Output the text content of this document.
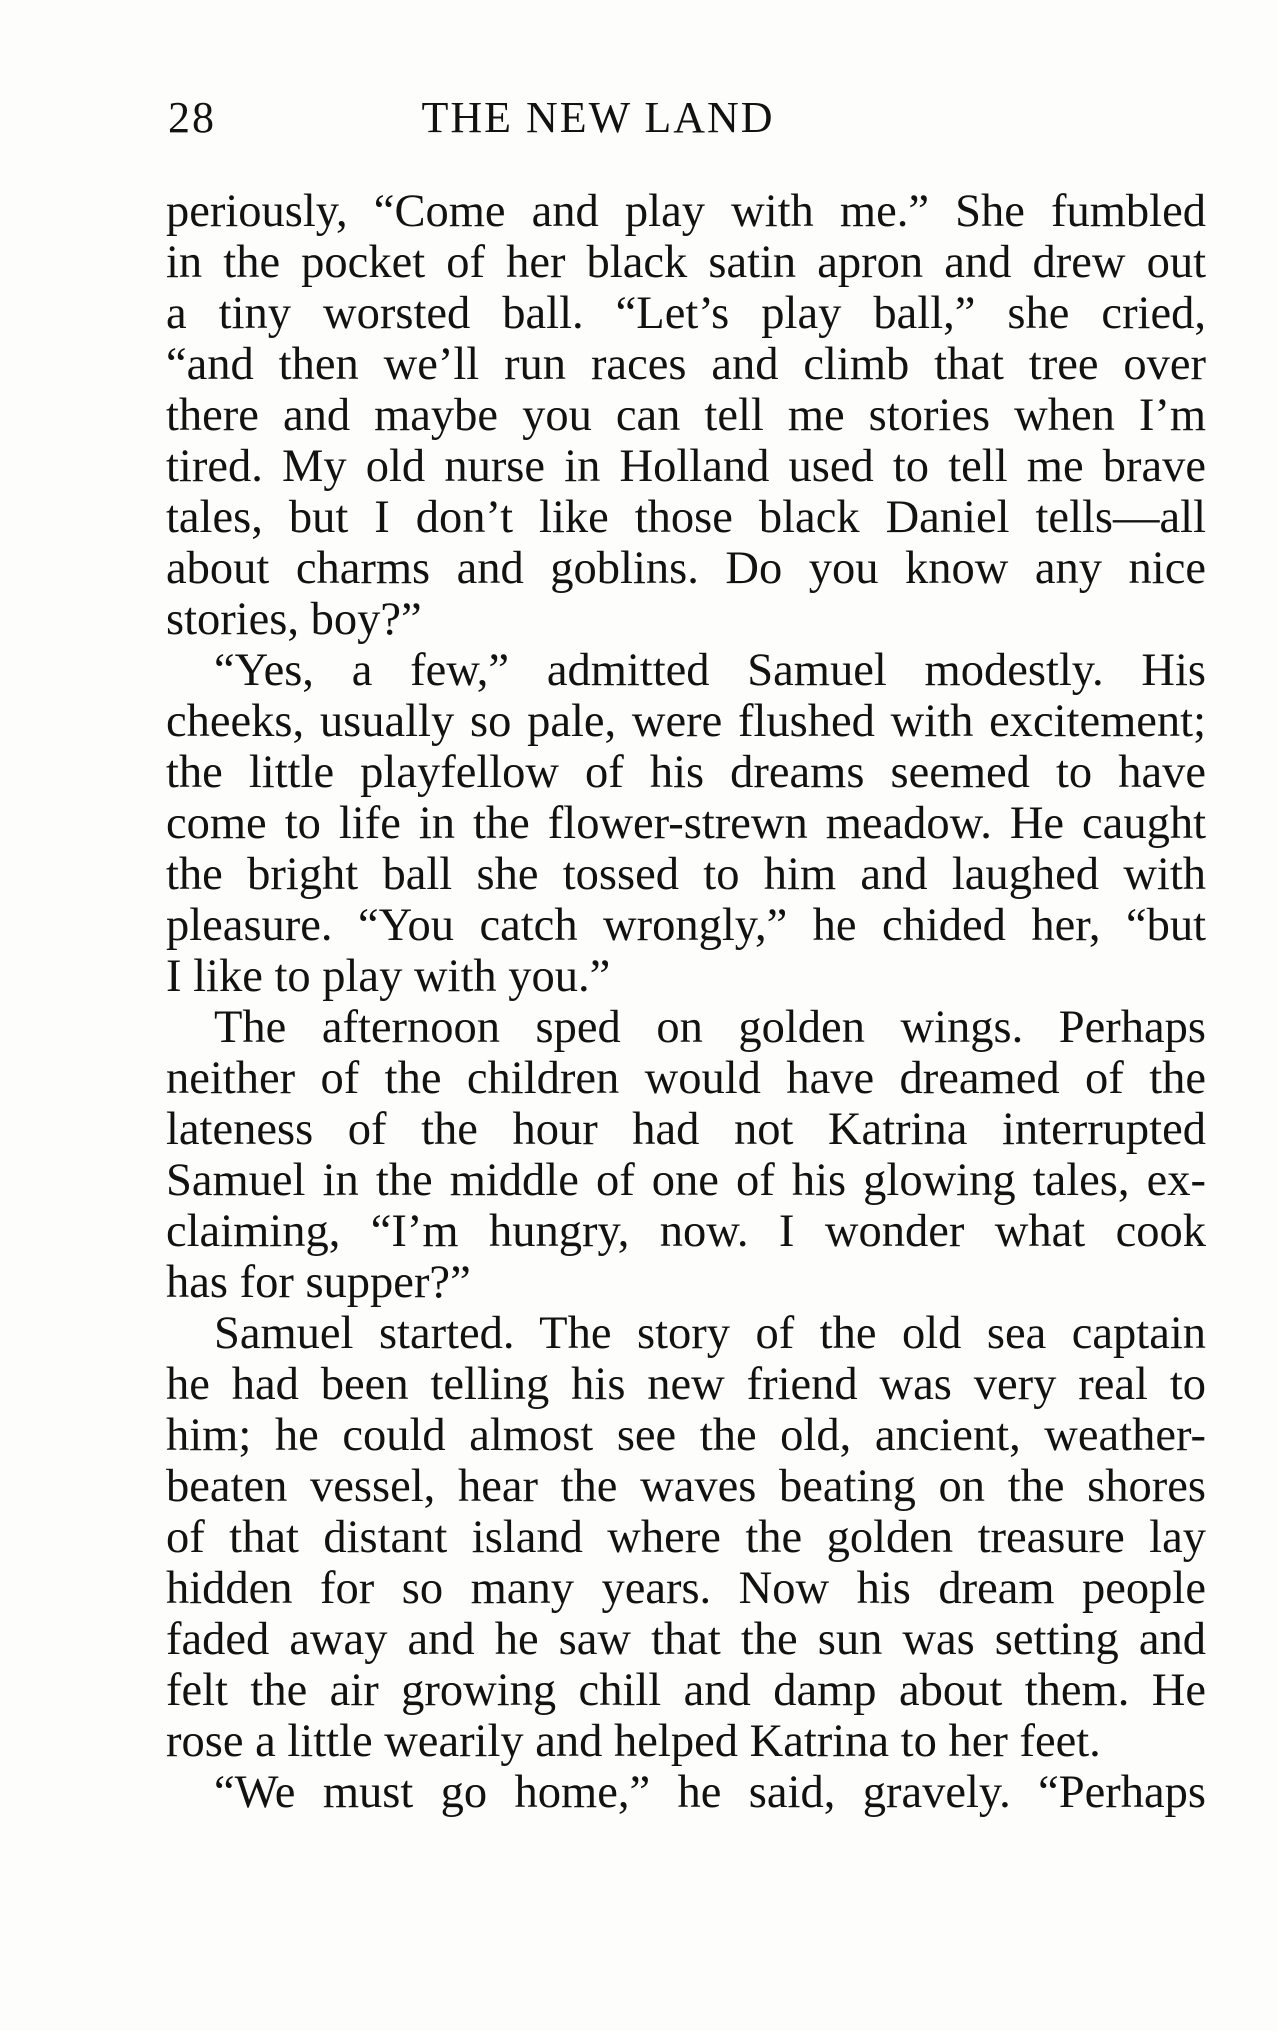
28	THE NEW LAND
periously, “Come and play with me.” She fumbled
in the pocket of her black satin apron and drew out
a tiny worsted ball. “Let’s play ball,” she cried,
“and then we’ll run races and climb that tree over
there and maybe you can tell me stories when I’m
tired. My old nurse in Holland used to tell me brave
tales, but I don’t like those black Daniel tells—all
about charms and goblins. Do you know any nice
stories, boy?”
“Yes, a few,” admitted Samuel modestly. His
cheeks, usually so pale, were flushed with excitement;
the little playfellow of his dreams seemed to have
come to life in the flower-strewn meadow. He caught
the bright ball she tossed to him and laughed with
pleasure. “You catch wrongly,” he chided her, “but
I like to play with you.”
The afternoon sped on golden wings. Perhaps
neither of the children would have dreamed of the
lateness of the hour had not Katrina interrupted
Samuel in the middle of one of his glowing tales, ex-
claiming, “I’m hungry, now. I wonder what cook
has for supper?”
Samuel started. The story of the old sea captain
he had been telling his new friend was very real to
him; he could almost see the old, ancient, weather-
beaten vessel, hear the waves beating on the shores
of that distant island where the golden treasure lay
hidden for so many years. Now his dream people
faded away and he saw that the sun was setting and
felt the air growing chill and damp about them. He
rose a little wearily and helped Katrina to her feet.
“We must go home,” he said, gravely. “Perhaps
